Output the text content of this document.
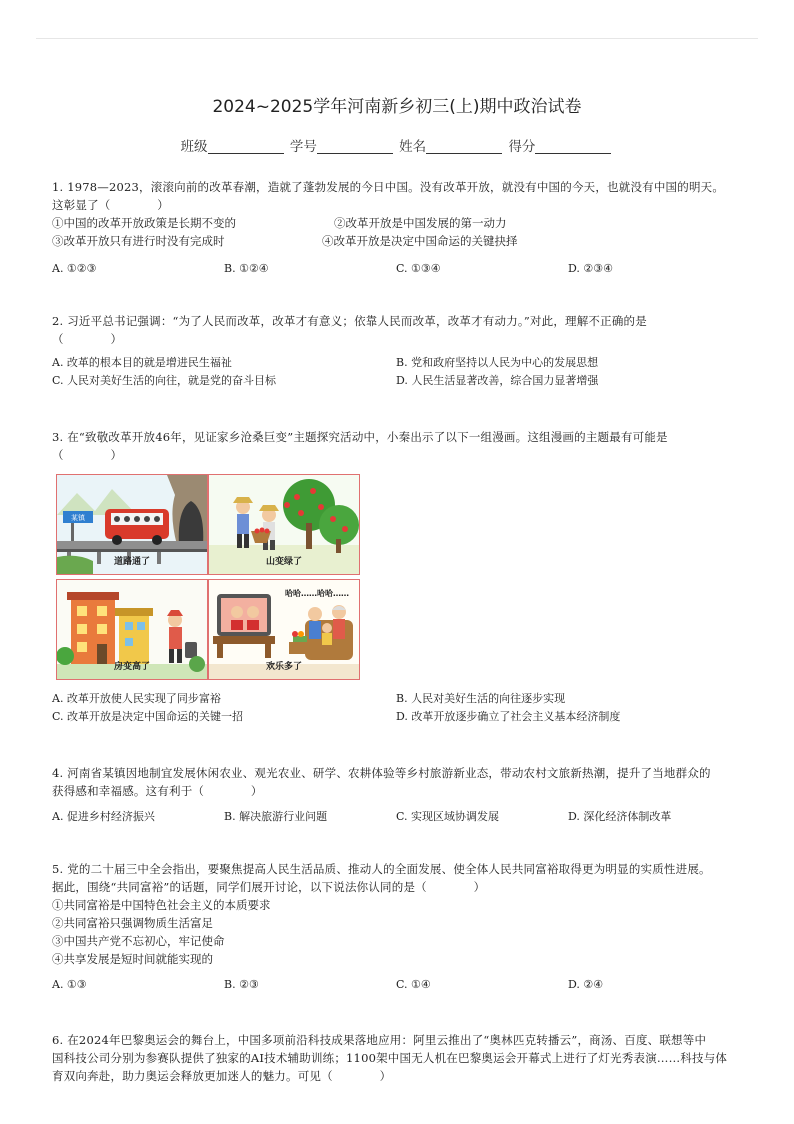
2024~2025学年河南新乡初三(上)期中政治试卷
班级	学号	姓名	得分
1. 1978—2023，滚滚向前的改革春潮，造就了蓬勃发展的今日中国。没有改革开放，就没有中国的今天，也就没有中国的明天。
这彰显了（　　　　）
①中国的改革开放政策是长期不变的	②改革开放是中国发展的第一动力
③改革开放只有进行时没有完成时	④改革开放是决定中国命运的关键抉择
A. ①②③	B. ①②④	C. ①③④	D. ②③④
2. 习近平总书记强调：“为了人民而改革，改革才有意义；依靠人民而改革，改革才有动力。”对此，理解不正确的是
（　　　　）
A. 改革的根本目的就是增进民生福祉	B. 党和政府坚持以人民为中心的发展思想
C. 人民对美好生活的向往，就是党的奋斗目标	D. 人民生活显著改善，综合国力显著增强
3. 在“致敬改革开放46年，见证家乡沧桑巨变”主题探究活动中，小秦出示了以下一组漫画。这组漫画的主题最有可能是
（　　　　）
某镇
道路通了	山变绿了
房变高了
哈哈……哈哈……
欢乐多了
A. 改革开放使人民实现了同步富裕	B. 人民对美好生活的向往逐步实现
C. 改革开放是决定中国命运的关键一招	D. 改革开放逐步确立了社会主义基本经济制度
4. 河南省某镇因地制宜发展休闲农业、观光农业、研学、农耕体验等乡村旅游新业态，带动农村文旅新热潮，提升了当地群众的
获得感和幸福感。这有利于（　　　　）
A. 促进乡村经济振兴	B. 解决旅游行业问题	C. 实现区域协调发展	D. 深化经济体制改革
5. 党的二十届三中全会指出，要聚焦提高人民生活品质、推动人的全面发展、使全体人民共同富裕取得更为明显的实质性进展。
据此，围绕“共同富裕”的话题，同学们展开讨论，以下说法你认同的是（　　　　）
①共同富裕是中国特色社会主义的本质要求
②共同富裕只强调物质生活富足
③中国共产党不忘初心，牢记使命
④共享发展是短时间就能实现的
A. ①③	B. ②③	C. ①④	D. ②④
6. 在2024年巴黎奥运会的舞台上，中国多项前沿科技成果落地应用：阿里云推出了“奥林匹克转播云”，商汤、百度、联想等中
国科技公司分别为参赛队提供了独家的AI技术辅助训练；1100架中国无人机在巴黎奥运会开幕式上进行了灯光秀表演……科技与体
育双向奔赴，助力奥运会释放更加迷人的魅力。可见（　　　　）
